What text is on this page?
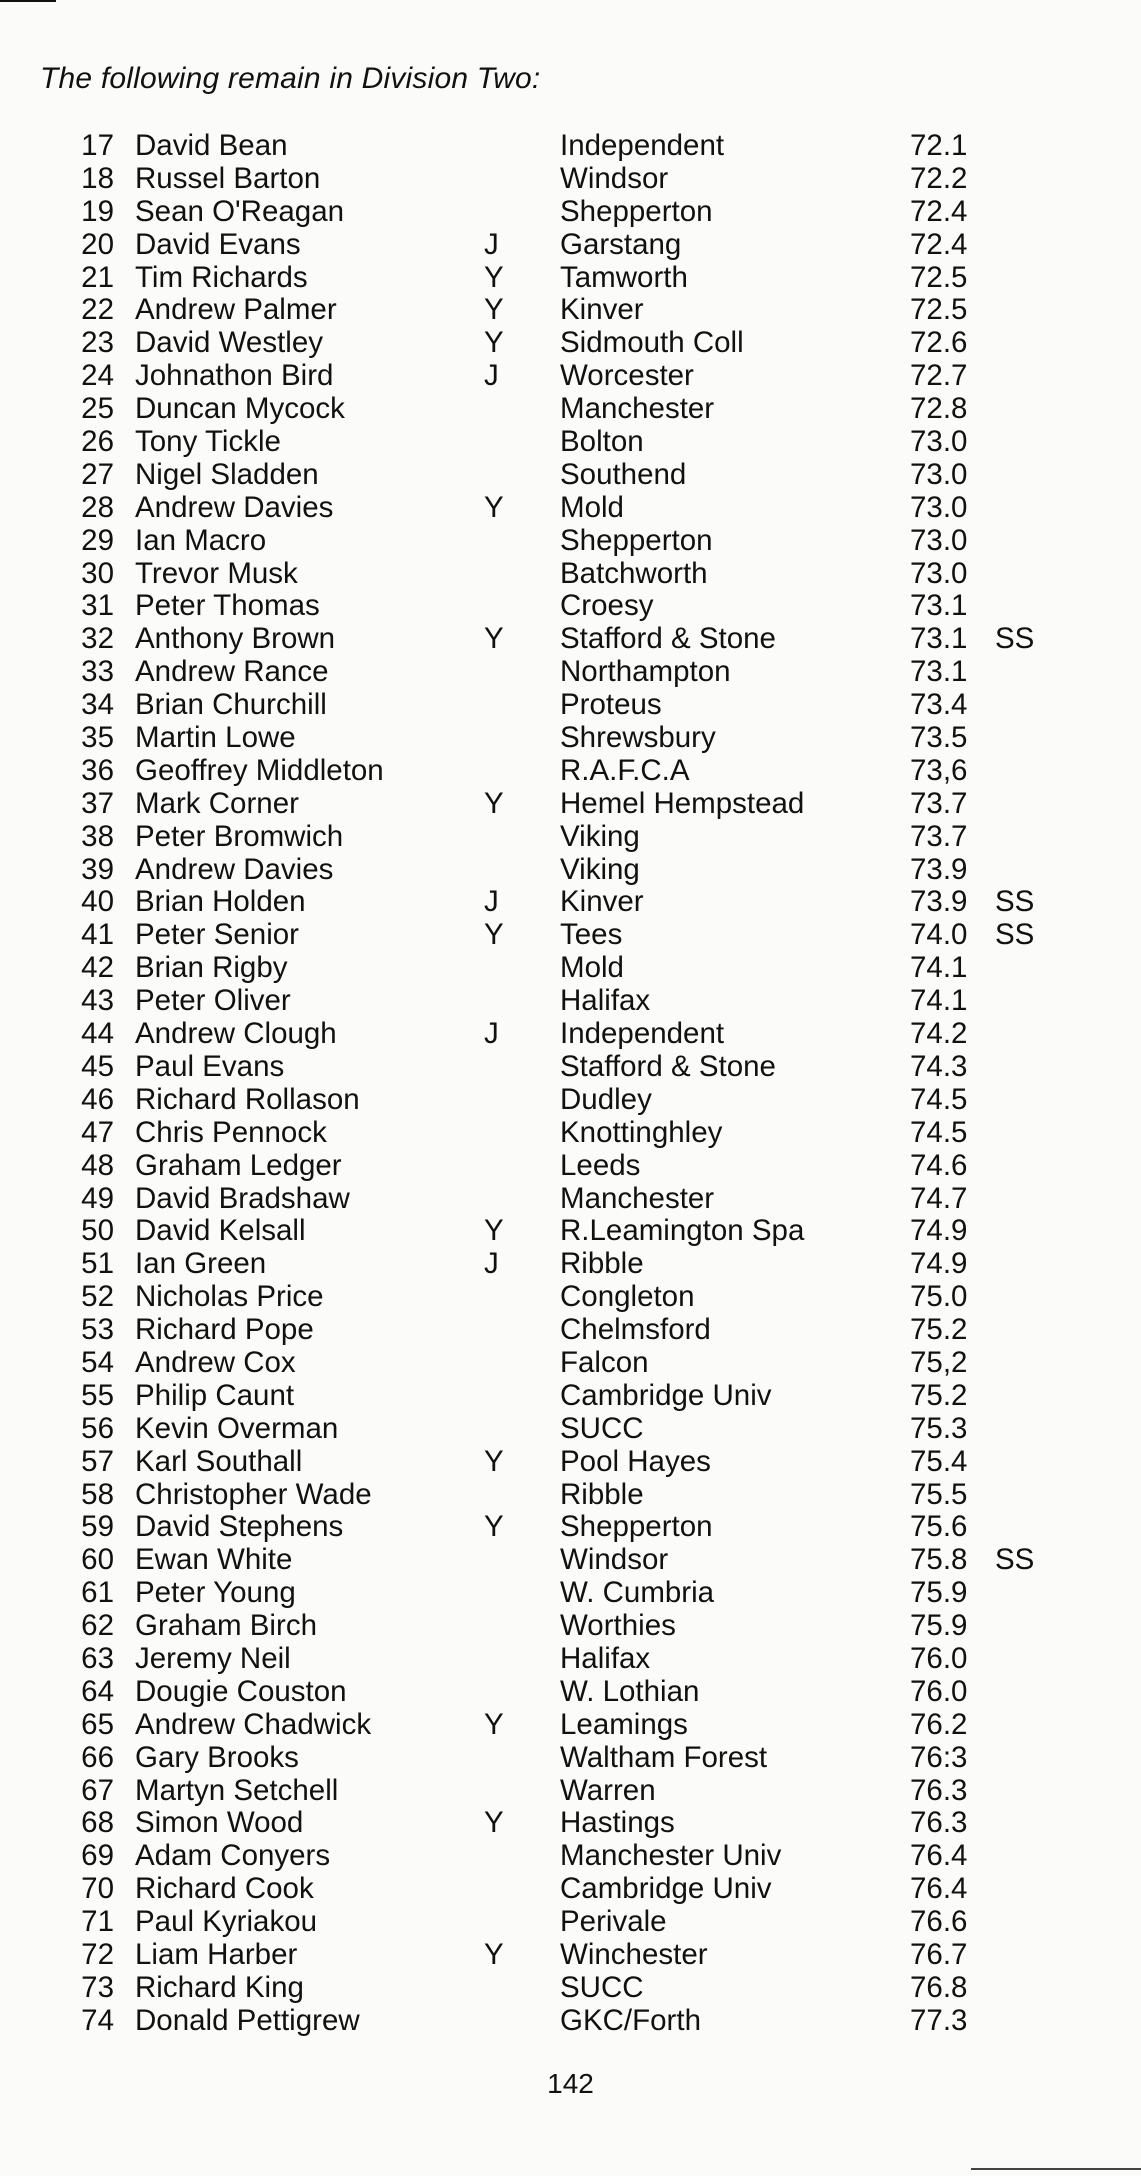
The following remain in Division Two:
17 David Bean	Independent	72.1
18 Russel Barton	Windsor	72.2
19 Sean O'Reagan	Shepperton	72.4
20 David Evans	J Garstang	72.4
21 Tim Richards	Y Tamworth	72.5
22 Andrew Palmer	Y Kinver	72.5
23 David Westley	Y Sidmouth Coll	72.6
24 Johnathon Bird	J Worcester	72.7
25 Duncan Mycock	Manchester	72.8
26 Tony Tickle	Bolton	73.0
27 Nigel Sladden	Southend	73.0
28 Andrew Davies	Y Mold	73.0
29 Ian Macro	Shepperton	73.0
30 Trevor Musk	Batchworth	73.0
31 Peter Thomas	Croesy	73.1
32 Anthony Brown	Y Stafford & Stone	73.1 SS
33 Andrew Rance	Northampton	73.1
34 Brian Churchill	Proteus	73.4
35 Martin Lowe	Shrewsbury	73.5
36 Geoffrey Middleton	R.A.F.C.A	73,6
37 Mark Corner	Y Hemel Hempstead	73.7
38 Peter Bromwich	Viking	73.7
39 Andrew Davies	Viking	73.9
40 Brian Holden	J Kinver	73.9 SS
41 Peter Senior	Y Tees	74.0 SS
42 Brian Rigby	Mold	74.1
43 Peter Oliver	Halifax	74.1
44 Andrew Clough	J Independent	74.2
45 Paul Evans	Stafford & Stone	74.3
46 Richard Rollason	Dudley	74.5
47 Chris Pennock	Knottinghley	74.5
48 Graham Ledger	Leeds	74.6
49 David Bradshaw	Manchester	74.7
50 David Kelsall	Y R.Leamington Spa	74.9
51 Ian Green	J Ribble	74.9
52 Nicholas Price	Congleton	75.0
53 Richard Pope	Chelmsford	75.2
54 Andrew Cox	Falcon	75,2
55 Philip Caunt	Cambridge Univ	75.2
56 Kevin Overman	SUCC	75.3
57 Karl Southall	Y Pool Hayes	75.4
58 Christopher Wade	Ribble	75.5
59 David Stephens	Y Shepperton	75.6
60 Ewan White	Windsor	75.8 SS
61 Peter Young	W. Cumbria	75.9
62 Graham Birch	Worthies	75.9
63 Jeremy Neil	Halifax	76.0
64 Dougie Couston	W. Lothian	76.0
65 Andrew Chadwick	Y Leamings	76.2
66 Gary Brooks	Waltham Forest	76:3
67 Martyn Setchell	Warren	76.3
68 Simon Wood	Y Hastings	76.3
69 Adam Conyers	Manchester Univ	76.4
70 Richard Cook	Cambridge Univ	76.4
71 Paul Kyriakou	Perivale	76.6
72 Liam Harber	Y Winchester	76.7
73 Richard King	SUCC	76.8
74 Donald Pettigrew	GKC/Forth	77.3
142
